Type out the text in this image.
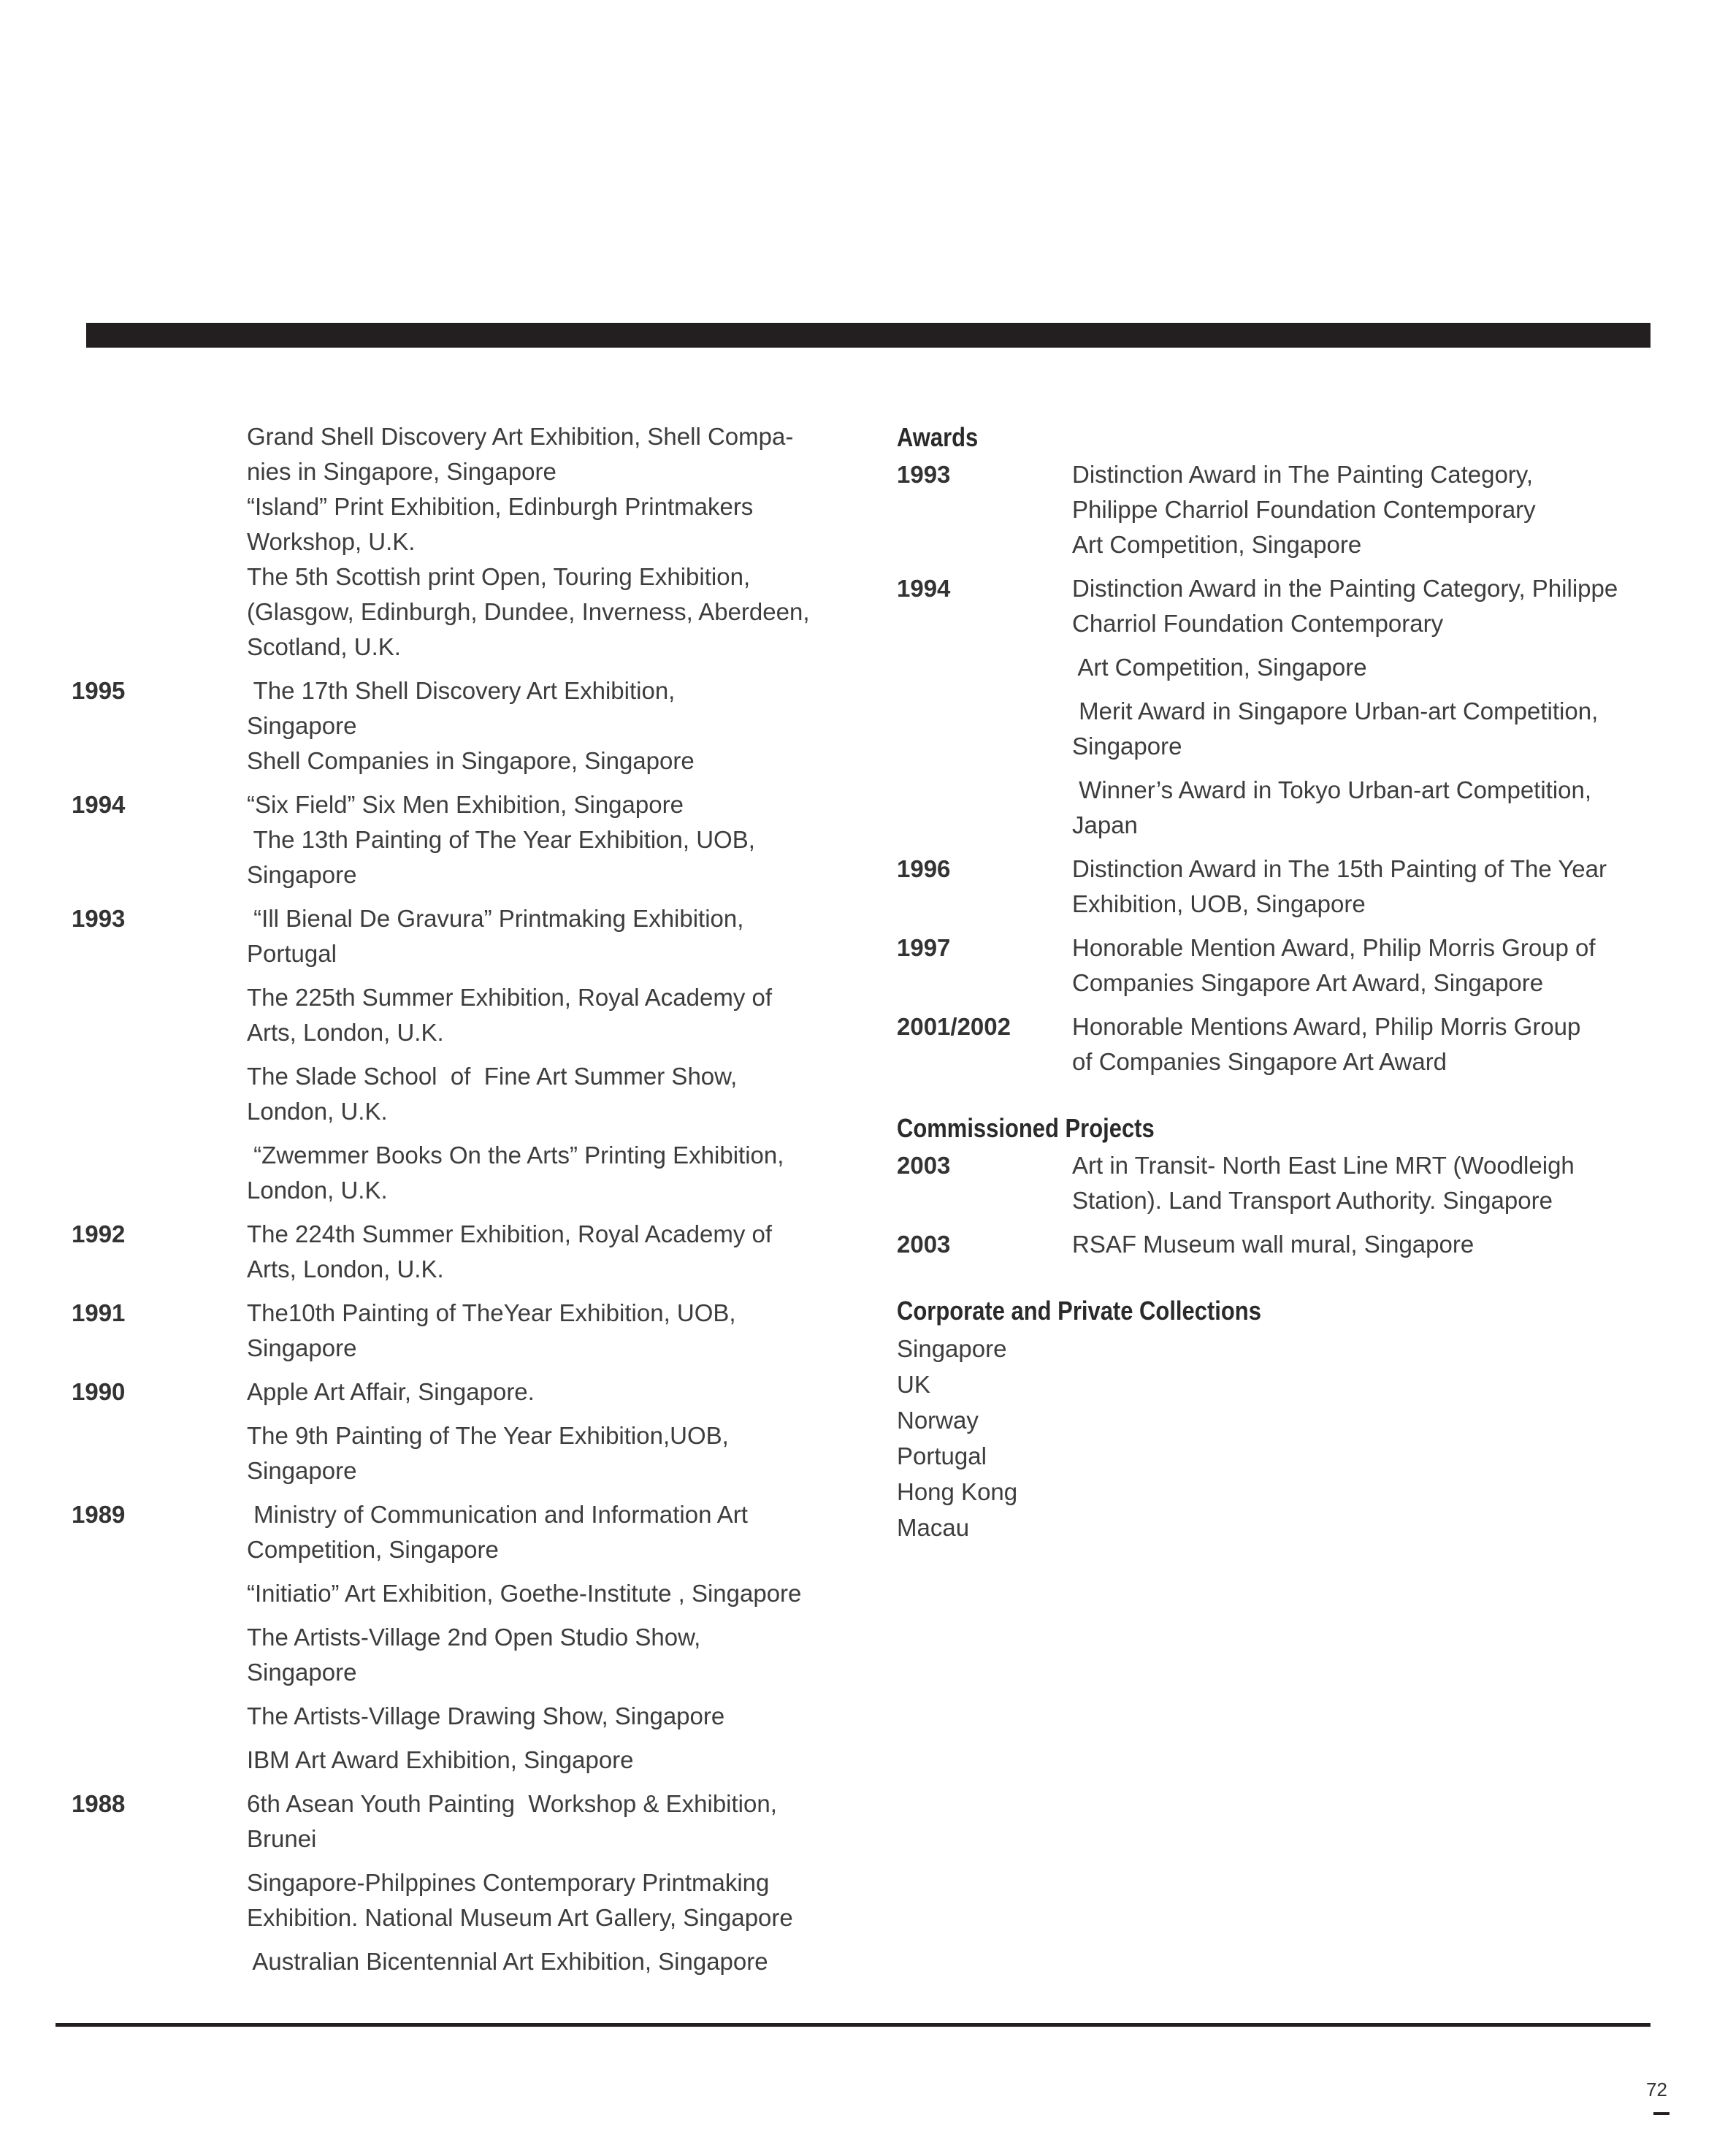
Grand Shell Discovery Art Exhibition, Shell Compa-
nies in Singapore, Singapore
“Island” Print Exhibition, Edinburgh Printmakers
Workshop, U.K.
The 5th Scottish print Open, Touring Exhibition,
(Glasgow, Edinburgh, Dundee, Inverness, Aberdeen,
Scotland, U.K.
1995	The 17th Shell Discovery Art Exhibition,
Singapore
Shell Companies in Singapore, Singapore
1994	“Six Field” Six Men Exhibition, Singapore
The 13th Painting of The Year Exhibition, UOB,
Singapore
1993	“Ill Bienal De Gravura” Printmaking Exhibition,
Portugal
The 225th Summer Exhibition, Royal Academy of
Arts, London, U.K.
The Slade School  of  Fine Art Summer Show,
London, U.K.
“Zwemmer Books On the Arts” Printing Exhibition,
London, U.K.
1992	The 224th Summer Exhibition, Royal Academy of
Arts, London, U.K.
1991	The10th Painting of TheYear Exhibition, UOB,
Singapore
1990	Apple Art Affair, Singapore.
The 9th Painting of The Year Exhibition,UOB,
Singapore
1989	Ministry of Communication and Information Art
Competition, Singapore
“Initiatio” Art Exhibition, Goethe-Institute , Singapore
The Artists-Village 2nd Open Studio Show,
Singapore
The Artists-Village Drawing Show, Singapore
IBM Art Award Exhibition, Singapore
1988	6th Asean Youth Painting  Workshop & Exhibition,
Brunei
Singapore-Philppines Contemporary Printmaking
Exhibition. National Museum Art Gallery, Singapore
Australian Bicentennial Art Exhibition, Singapore
Awards
1993	Distinction Award in The Painting Category,
Philippe Charriol Foundation Contemporary
Art Competition, Singapore
1994	Distinction Award in the Painting Category, Philippe
Charriol Foundation Contemporary
Art Competition, Singapore
Merit Award in Singapore Urban-art Competition,
Singapore
Winner’s Award in Tokyo Urban-art Competition,
Japan
1996	Distinction Award in The 15th Painting of The Year
Exhibition, UOB, Singapore
1997	Honorable Mention Award, Philip Morris Group of
Companies Singapore Art Award, Singapore
2001/2002	Honorable Mentions Award, Philip Morris Group
of Companies Singapore Art Award
Commissioned Projects
2003	Art in Transit- North East Line MRT (Woodleigh
Station). Land Transport Authority. Singapore
2003	RSAF Museum wall mural, Singapore
Corporate and Private Collections
Singapore
UK
Norway
Portugal
Hong Kong
Macau
72
